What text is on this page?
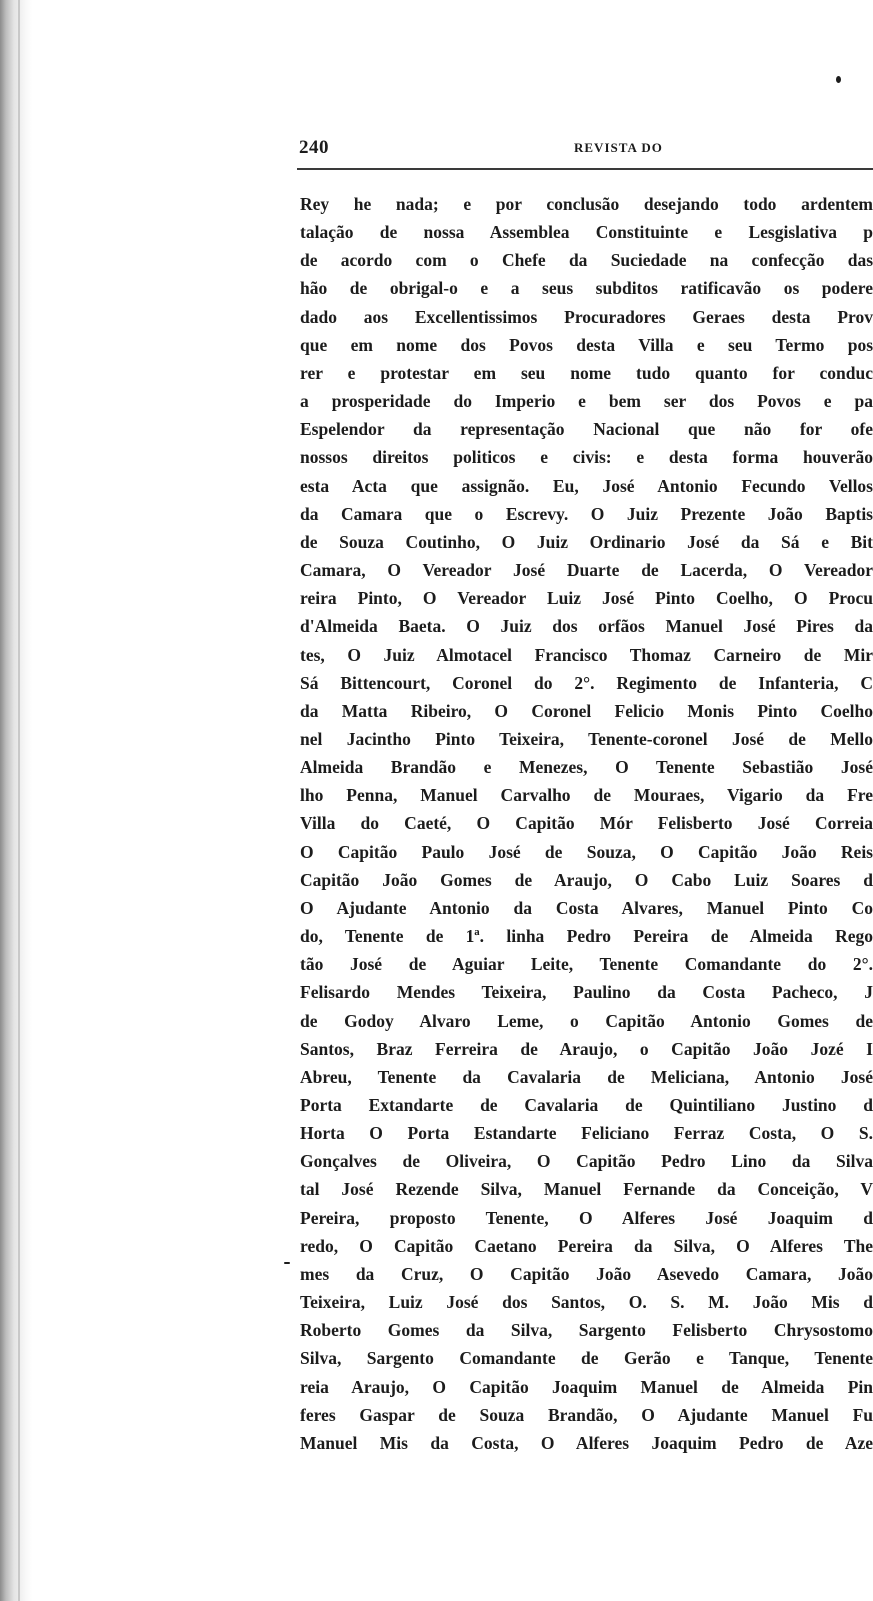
240	REVISTA DO
Rey he nada; e por conclusão desejando todo ardentem
talação de nossa Assemblea Constituinte e Lesgislativa p
de acordo com o Chefe da Suciedade na confecção das
hão de obrigal-o e a seus subditos ratificavão os podere
dado aos Excellentissimos Procuradores Geraes desta Prov
que em nome dos Povos desta Villa e seu Termo pos
rer e protestar em seu nome tudo quanto for conduc
a prosperidade do Imperio e bem ser dos Povos e pa
Espelendor da representação Nacional que não for ofe
nossos direitos politicos e civis: e desta forma houverão
esta Acta que assignão. Eu, José Antonio Fecundo Vellos
da Camara que o Escrevy. O Juiz Prezente João Baptis
de Souza Coutinho, O Juiz Ordinario José da Sá e Bit
Camara, O Vereador José Duarte de Lacerda, O Vereador
reira Pinto, O Vereador Luiz José Pinto Coelho, O Procu
d'Almeida Baeta. O Juiz dos orfãos Manuel José Pires da
tes, O Juiz Almotacel Francisco Thomaz Carneiro de Mir
Sá Bittencourt, Coronel do 2°. Regimento de Infanteria, C
da Matta Ribeiro, O Coronel Felicio Monis Pinto Coelho
nel Jacintho Pinto Teixeira, Tenente-coronel José de Mello
Almeida Brandão e Menezes, O Tenente Sebastião José
lho Penna, Manuel Carvalho de Mouraes, Vigario da Fre
Villa do Caeté, O Capitão Mór Felisberto José Correia
O Capitão Paulo José de Souza, O Capitão João Reis
Capitão João Gomes de Araujo, O Cabo Luiz Soares d
O Ajudante Antonio da Costa Alvares, Manuel Pinto Co
do, Tenente de 1ª. linha Pedro Pereira de Almeida Rego
tão José de Aguiar Leite, Tenente Comandante do 2°.
Felisardo Mendes Teixeira, Paulino da Costa Pacheco, J
de Godoy Alvaro Leme, o Capitão Antonio Gomes de
Santos, Braz Ferreira de Araujo, o Capitão João Jozé I
Abreu, Tenente da Cavalaria de Meliciana, Antonio José
Porta Extandarte de Cavalaria de Quintiliano Justino d
Horta O Porta Estandarte Feliciano Ferraz Costa, O S.
Gonçalves de Oliveira, O Capitão Pedro Lino da Silva
tal José Rezende Silva, Manuel Fernande da Conceição, V
Pereira, proposto Tenente, O Alferes José Joaquim d
redo, O Capitão Caetano Pereira da Silva, O Alferes The
mes da Cruz, O Capitão João Asevedo Camara, João
Teixeira, Luiz José dos Santos, O. S. M. João Mis d
Roberto Gomes da Silva, Sargento Felisberto Chrysostomo
Silva, Sargento Comandante de Gerão e Tanque, Tenente
reia Araujo, O Capitão Joaquim Manuel de Almeida Pin
feres Gaspar de Souza Brandão, O Ajudante Manuel Fu
Manuel Mis da Costa, O Alferes Joaquim Pedro de Aze
